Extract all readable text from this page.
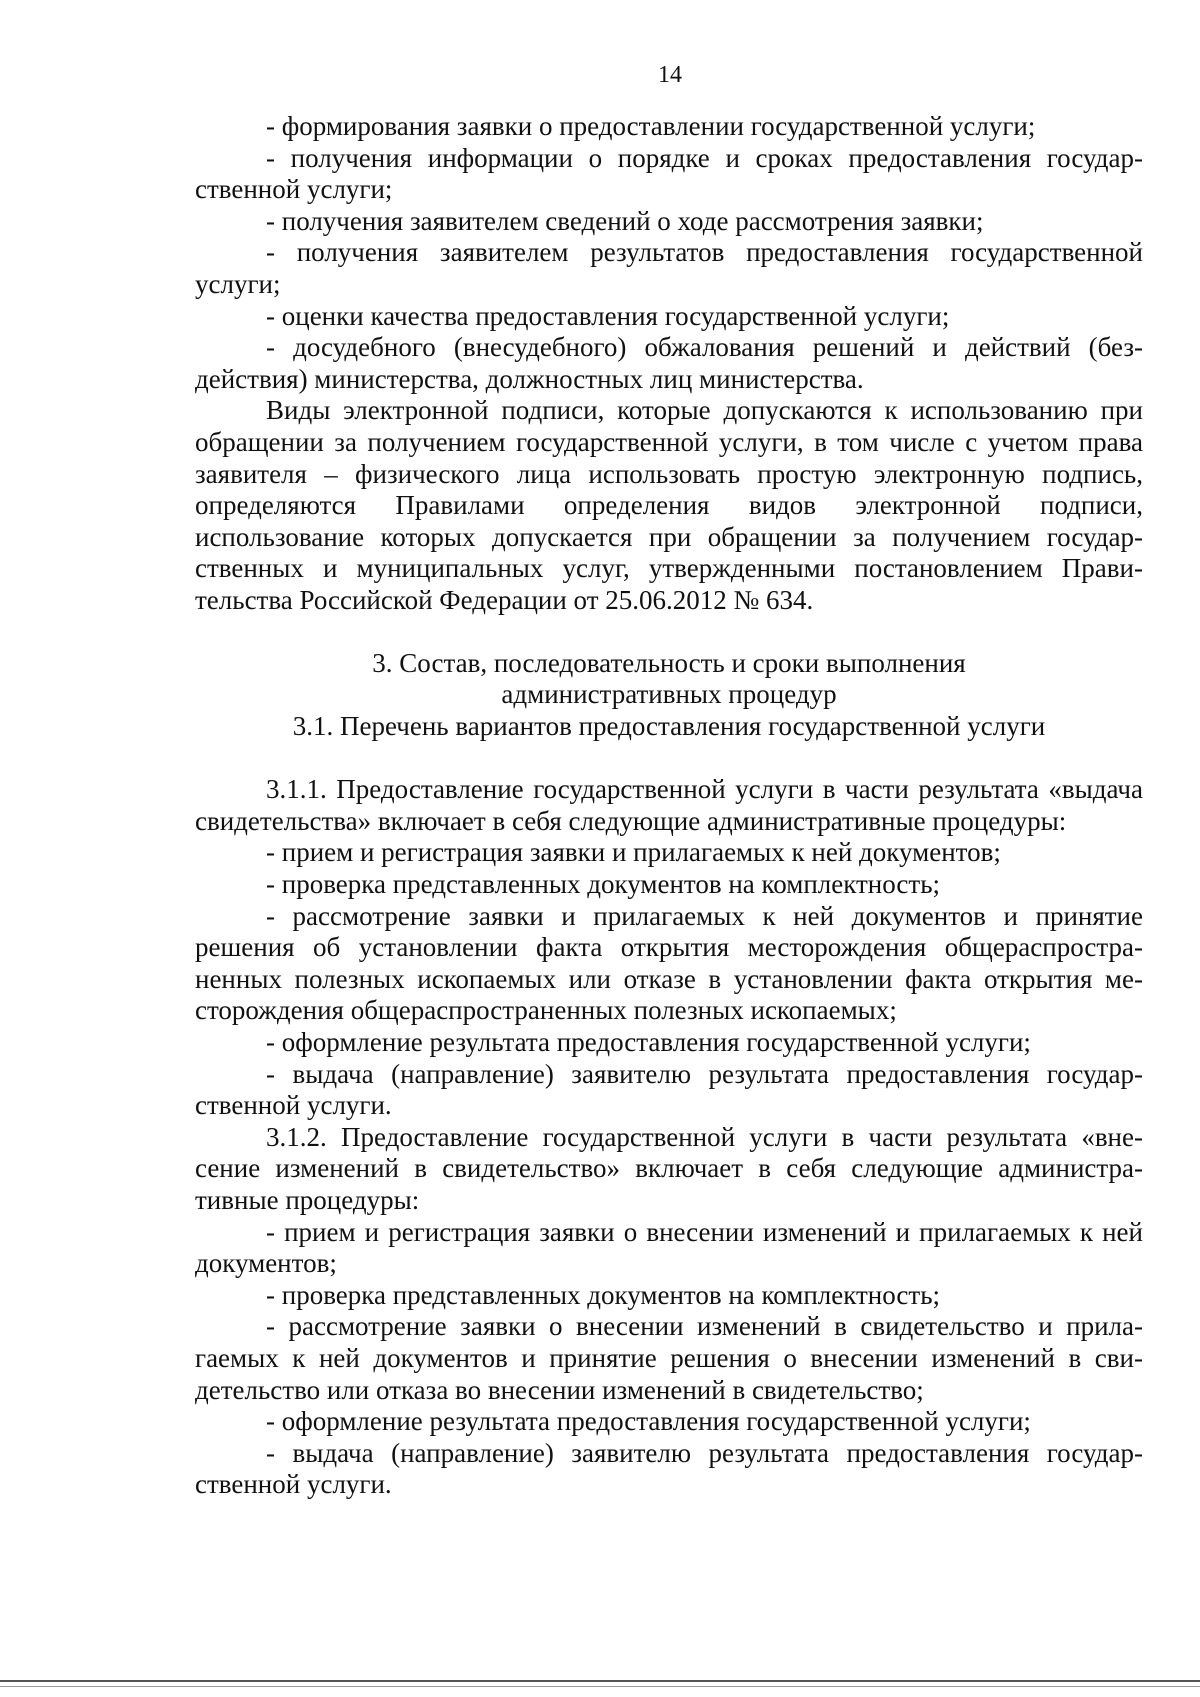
14

- формирования заявки о предоставлении государственной услуги;

- получения информации о порядке и сроках предоставления государственной услуги;

- получения заявителем сведений о ходе рассмотрения заявки;

- получения заявителем результатов предоставления государственной услуги;

- оценки качества предоставления государственной услуги;

- досудебного (внесудебного) обжалования решений и действий (бездействия) министерства, должностных лиц министерства.

Виды электронной подписи, которые допускаются к использованию при обращении за получением государственной услуги, в том числе с учетом права заявителя – физического лица использовать простую электронную подпись, определяются Правилами определения видов электронной подписи, использование которых допускается при обращении за получением государственных и муниципальных услуг, утвержденными постановлением Правительства Российской Федерации от 25.06.2012 № 634.

3. Состав, последовательность и сроки выполнения

административных процедур

3.1. Перечень вариантов предоставления государственной услуги

3.1.1. Предоставление государственной услуги в части результата «выдача свидетельства» включает в себя следующие административные процедуры:

- прием и регистрация заявки и прилагаемых к ней документов;

- проверка представленных документов на комплектность;

- рассмотрение заявки и прилагаемых к ней документов и принятие решения об установлении факта открытия месторождения общераспространенных полезных ископаемых или отказе в установлении факта открытия месторождения общераспространенных полезных ископаемых;

- оформление результата предоставления государственной услуги;

- выдача (направление) заявителю результата предоставления государственной услуги.

3.1.2. Предоставление государственной услуги в части результата «внесение изменений в свидетельство» включает в себя следующие административные процедуры:

- прием и регистрация заявки о внесении изменений и прилагаемых к ней документов;

- проверка представленных документов на комплектность;

- рассмотрение заявки о внесении изменений в свидетельство и прилагаемых к ней документов и принятие решения о внесении изменений в свидетельство или отказа во внесении изменений в свидетельство;

- оформление результата предоставления государственной услуги;

- выдача (направление) заявителю результата предоставления государственной услуги.
